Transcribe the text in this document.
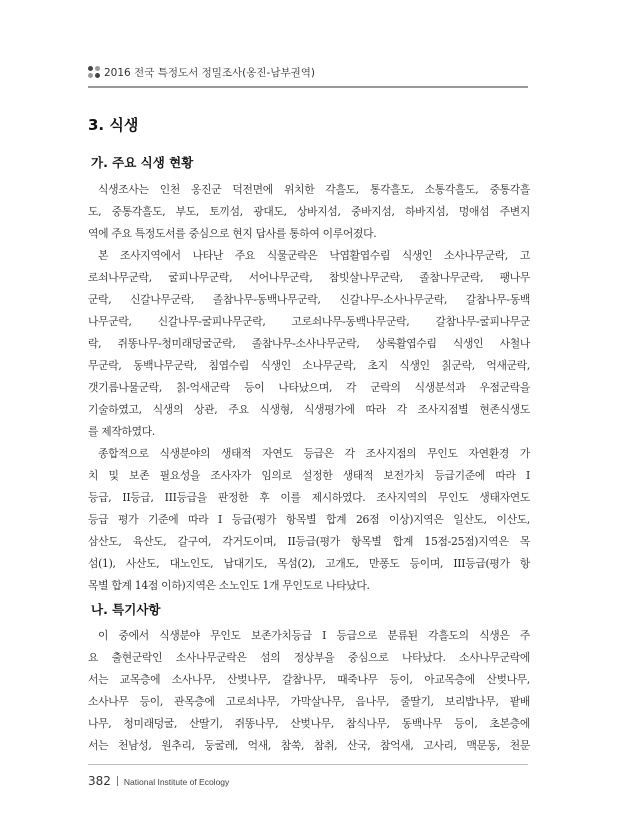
2016 전국 특정도서 정밀조사(옹진-남부권역)
3. 식생
가. 주요 식생 현황
식생조사는 인천 옹진군 덕전면에 위치한 각흘도, 통각흘도, 소통각흘도, 중통각흘
도, 중통각흘도, 부도, 토끼섬, 광대도, 상바지섬, 중바지섬, 하바지섬, 멍애섬 주변지
역에 주요 특정도서를 중심으로 현지 답사를 통하여 이루어졌다.
본 조사지역에서 나타난 주요 식물군락은 낙엽활엽수림 식생인 소사나무군락, 고
로쇠나무군락, 굴피나무군락, 서어나무군락, 참빗살나무군락, 졸참나무군락, 팽나무
군락, 신갈나무군락, 졸참나무-동백나무군락, 신갈나무-소사나무군락, 갈참나무-동백
나무군락, 신갈나무-굴피나무군락, 고로쇠나무-동백나무군락, 갈참나무-굴피나무군
락, 쥐똥나무-청미래덩굴군락, 졸참나무-소사나무군락, 상록활엽수림 식생인 사철나
무군락, 동백나무군락, 침엽수림 식생인 소나무군락, 초지 식생인 칡군락, 억새군락,
갯기름나물군락, 칡-억새군락 등이 나타났으며, 각 군락의 식생분석과 우점군락을
기술하였고, 식생의 상관, 주요 식생형, 식생평가에 따라 각 조사지점별 현존식생도
를 제작하였다.
종합적으로 식생분야의 생태적 자연도 등급은 각 조사지점의 무인도 자연환경 가
치 및 보존 필요성을 조사자가 임의로 설정한 생태적 보전가치 등급기준에 따라 I
등급, II등급, III등급을 판정한 후 이를 제시하였다. 조사지역의 무인도 생태자연도
등급 평가 기준에 따라 I 등급(평가 항목별 합계 26점 이상)지역은 일산도, 이산도,
삼산도, 육산도, 갈구여, 각거도이며, II등급(평가 항목별 합계 15점-25점)지역은 목
섬(1), 사산도, 대노인도, 납대기도, 목섬(2), 고개도, 만퐁도 등이며, III등급(평가 항
목별 합계 14점 이하)지역은 소노인도 1개 무인도로 나타났다.
나. 특기사항
이 중에서 식생분야 무인도 보존가치등급 I 등급으로 분류된 각흘도의 식생은 주
요 출현군락인 소사나무군락은 섬의 정상부을 중심으로 나타났다. 소사나무군락에
서는 교목층에 소사나무, 산벚나무, 갈참나무, 때죽나무 등이, 아교목층에 산벚나무,
소사나무 등이, 관목층에 고로쇠나무, 가막살나무, 음나무, 줄딸기, 보리밥나무, 팥배
나무, 청미래덩굴, 산딸기, 쥐똥나무, 산벚나무, 참식나무, 동백나무 등이, 초본층에
서는 천남성, 원추리, 둥굴레, 억새, 참쑥, 참취, 산국, 참억새, 고사리, 맥문동, 천문
382 National Institute of Ecology
